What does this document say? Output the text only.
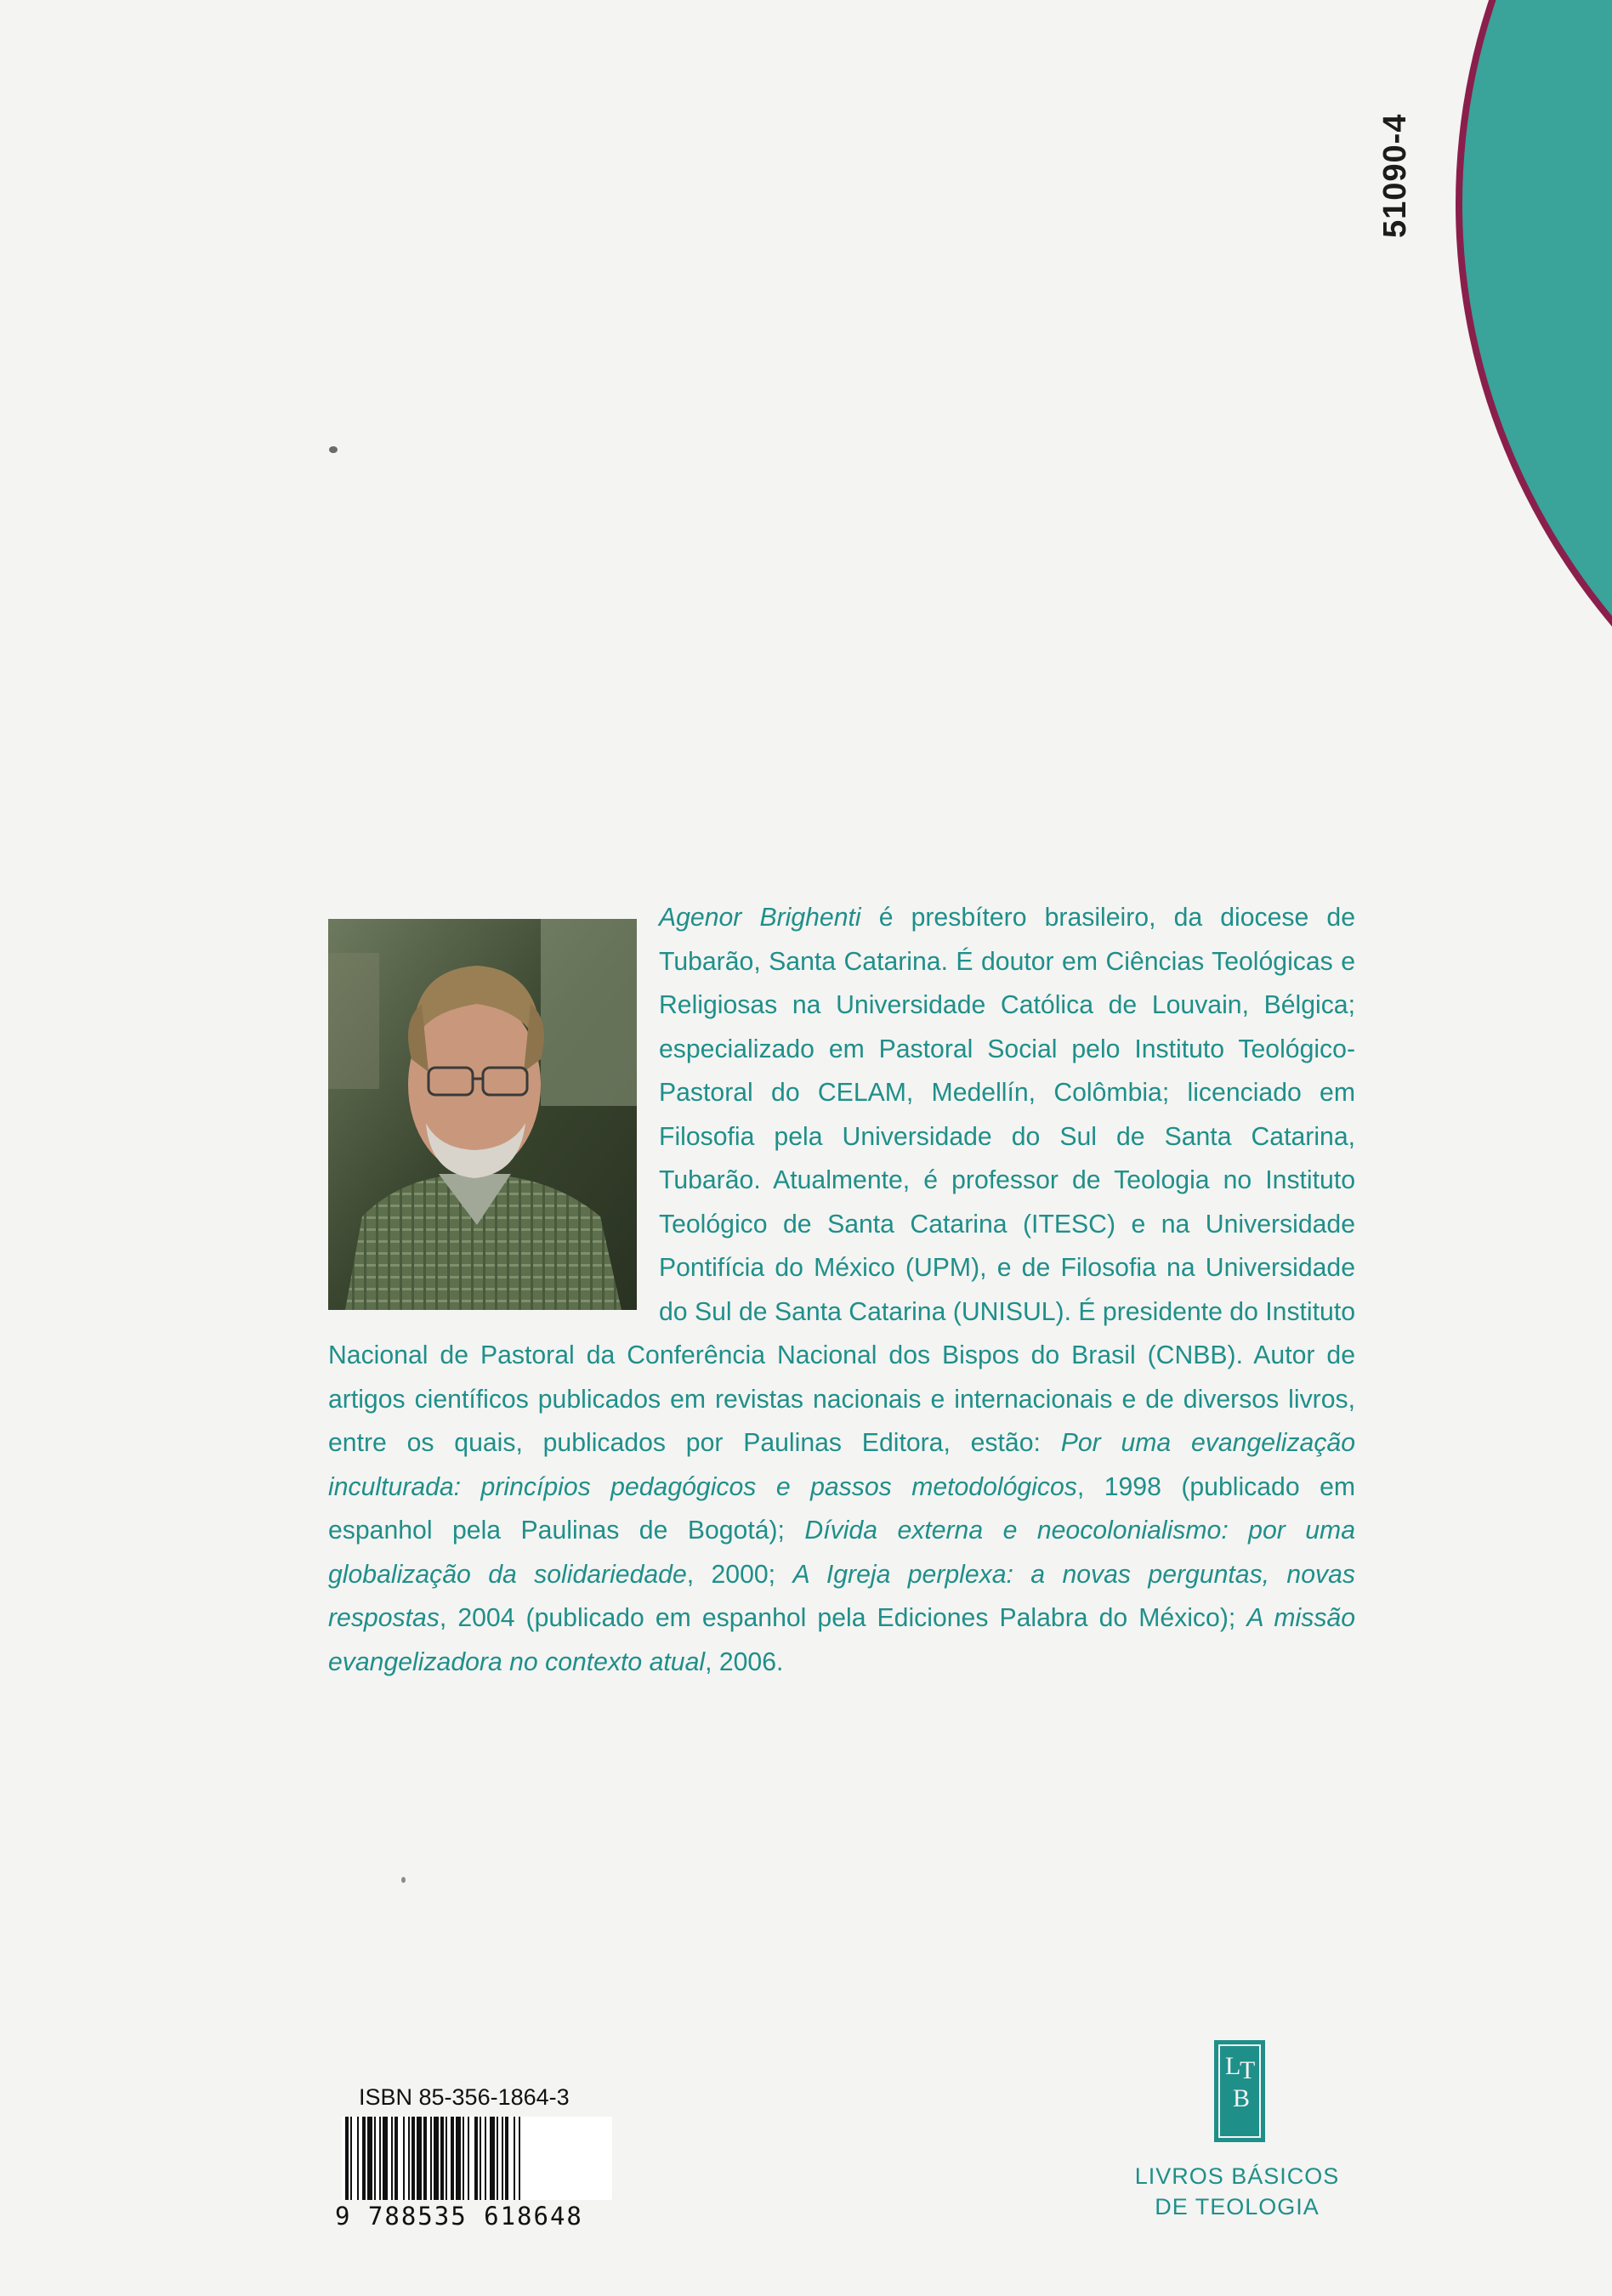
51090-4

Agenor Brighenti é presbítero brasileiro, da diocese de Tubarão, Santa Catarina. É doutor em Ciências Teológicas e Religiosas na Universidade Católica de Louvain, Bélgica; especializado em Pastoral Social pelo Instituto Teológico-Pastoral do CELAM, Medellín, Colômbia; licenciado em Filosofia pela Universidade do Sul de Santa Catarina, Tubarão. Atualmente, é professor de Teologia no Instituto Teológico de Santa Catarina (ITESC) e na Universidade Pontifícia do México (UPM), e de Filosofia na Universidade do Sul de Santa Catarina (UNISUL). É presidente do Instituto Nacional de Pastoral da Conferência Nacional dos Bispos do Brasil (CNBB). Autor de artigos científicos publicados em revistas nacionais e internacionais e de diversos livros, entre os quais, publicados por Paulinas Editora, estão: Por uma evangelização inculturada: princípios pedagógicos e passos metodológicos, 1998 (publicado em espanhol pela Paulinas de Bogotá); Dívida externa e neocolonialismo: por uma globalização da solidariedade, 2000; A Igreja perplexa: a novas perguntas, novas respostas, 2004 (publicado em espanhol pela Ediciones Palabra do México); A missão evangelizadora no contexto atual, 2006.

ISBN 85-356-1864-3
9 788535 618648
L
B
T
LIVROS BÁSICOS
DE TEOLOGIA
